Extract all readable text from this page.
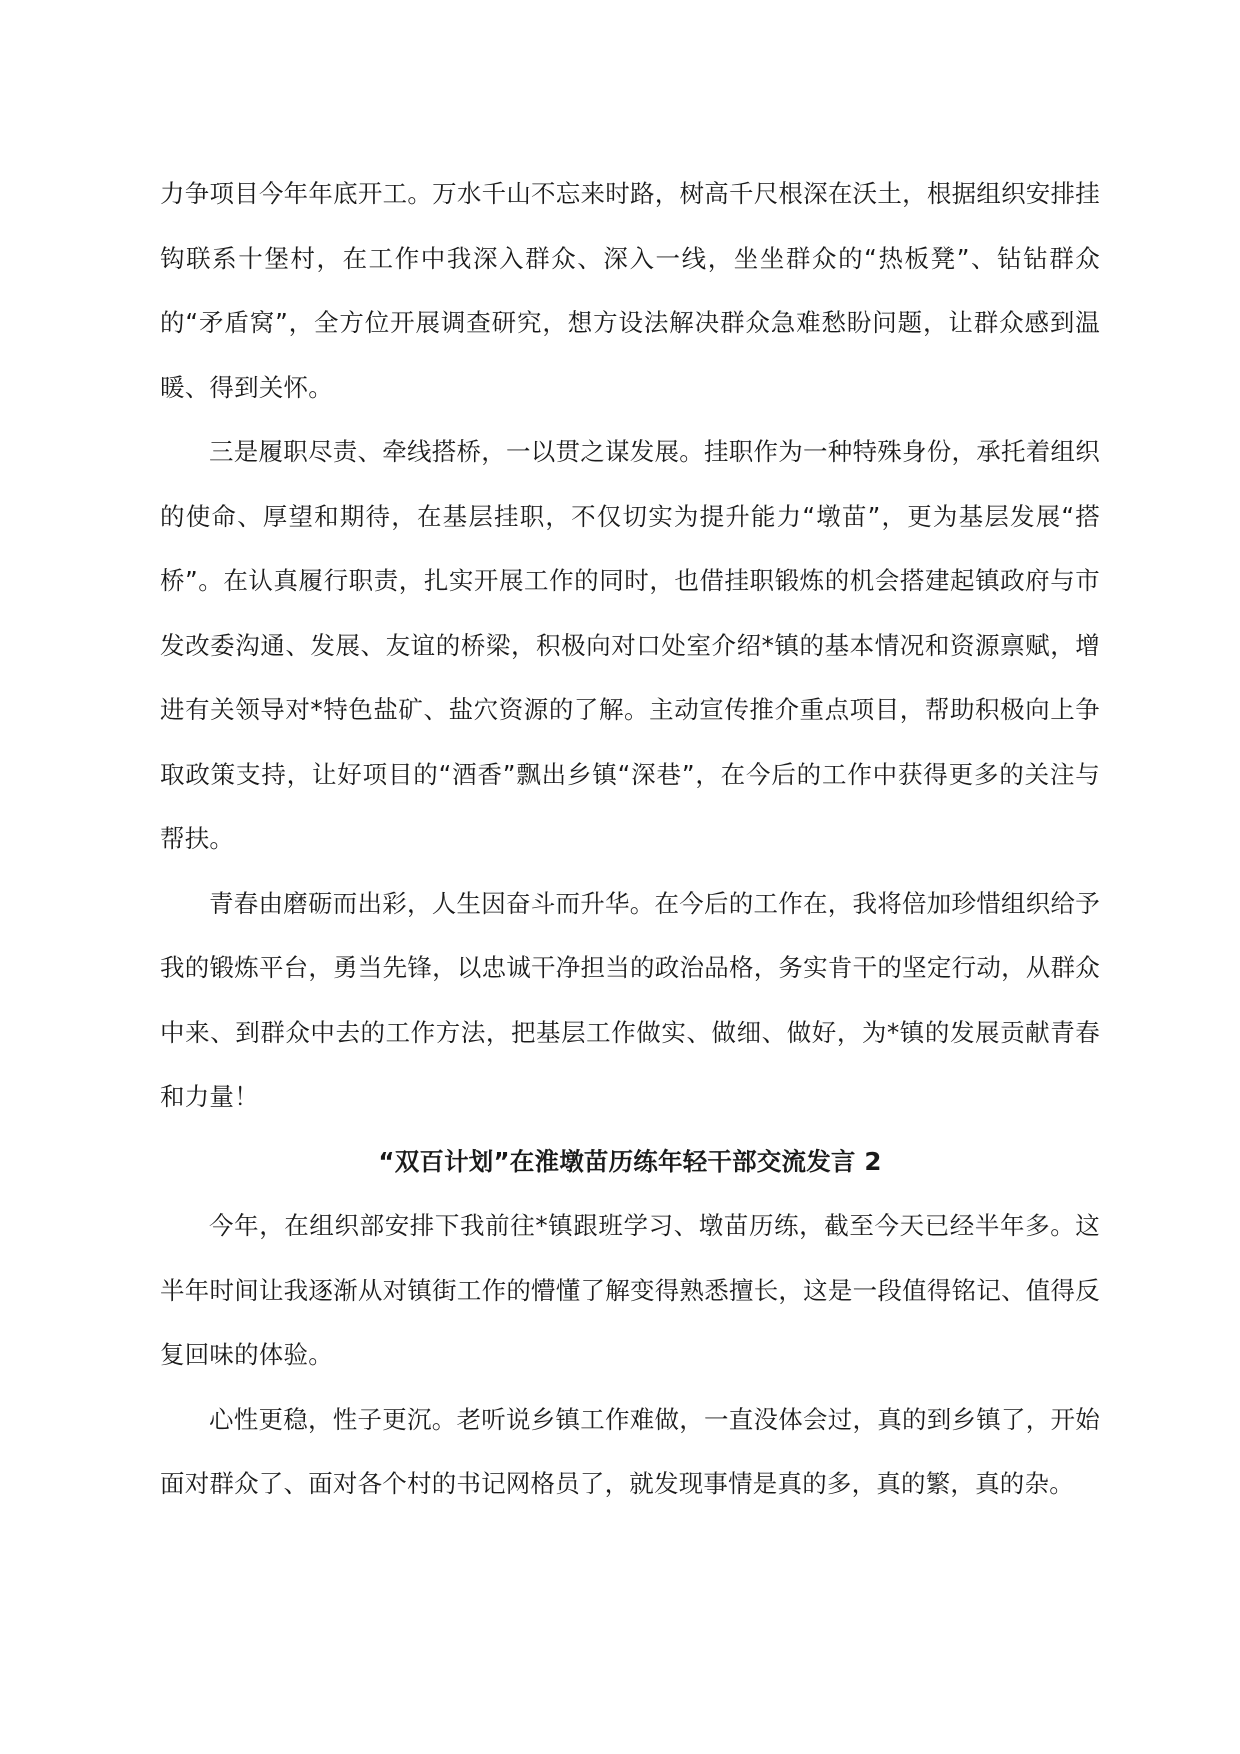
力争项目今年年底开工。万水千山不忘来时路，树高千尺根深在沃土，根据组织安排挂钩联系十堡村，在工作中我深入群众、深入一线，坐坐群众的“热板凳”、钻钻群众的“矛盾窝”，全方位开展调查研究，想方设法解决群众急难愁盼问题，让群众感到温暖、得到关怀。

三是履职尽责、牵线搭桥，一以贯之谋发展。挂职作为一种特殊身份，承托着组织的使命、厚望和期待，在基层挂职，不仅切实为提升能力“墩苗”，更为基层发展“搭桥”。在认真履行职责，扎实开展工作的同时，也借挂职锻炼的机会搭建起镇政府与市发改委沟通、发展、友谊的桥梁，积极向对口处室介绍*镇的基本情况和资源禀赋，增进有关领导对*特色盐矿、盐穴资源的了解。主动宣传推介重点项目，帮助积极向上争取政策支持，让好项目的“酒香”飘出乡镇“深巷”，在今后的工作中获得更多的关注与帮扶。

青春由磨砺而出彩，人生因奋斗而升华。在今后的工作在，我将倍加珍惜组织给予我的锻炼平台，勇当先锋，以忠诚干净担当的政治品格，务实肯干的坚定行动，从群众中来、到群众中去的工作方法，把基层工作做实、做细、做好，为*镇的发展贡献青春和力量！

“双百计划”在淮墩苗历练年轻干部交流发言 2

今年，在组织部安排下我前往*镇跟班学习、墩苗历练，截至今天已经半年多。这半年时间让我逐渐从对镇街工作的懵懂了解变得熟悉擅长，这是一段值得铭记、值得反复回味的体验。

心性更稳，性子更沉。老听说乡镇工作难做，一直没体会过，真的到乡镇了，开始面对群众了、面对各个村的书记网格员了，就发现事情是真的多，真的繁，真的杂。
